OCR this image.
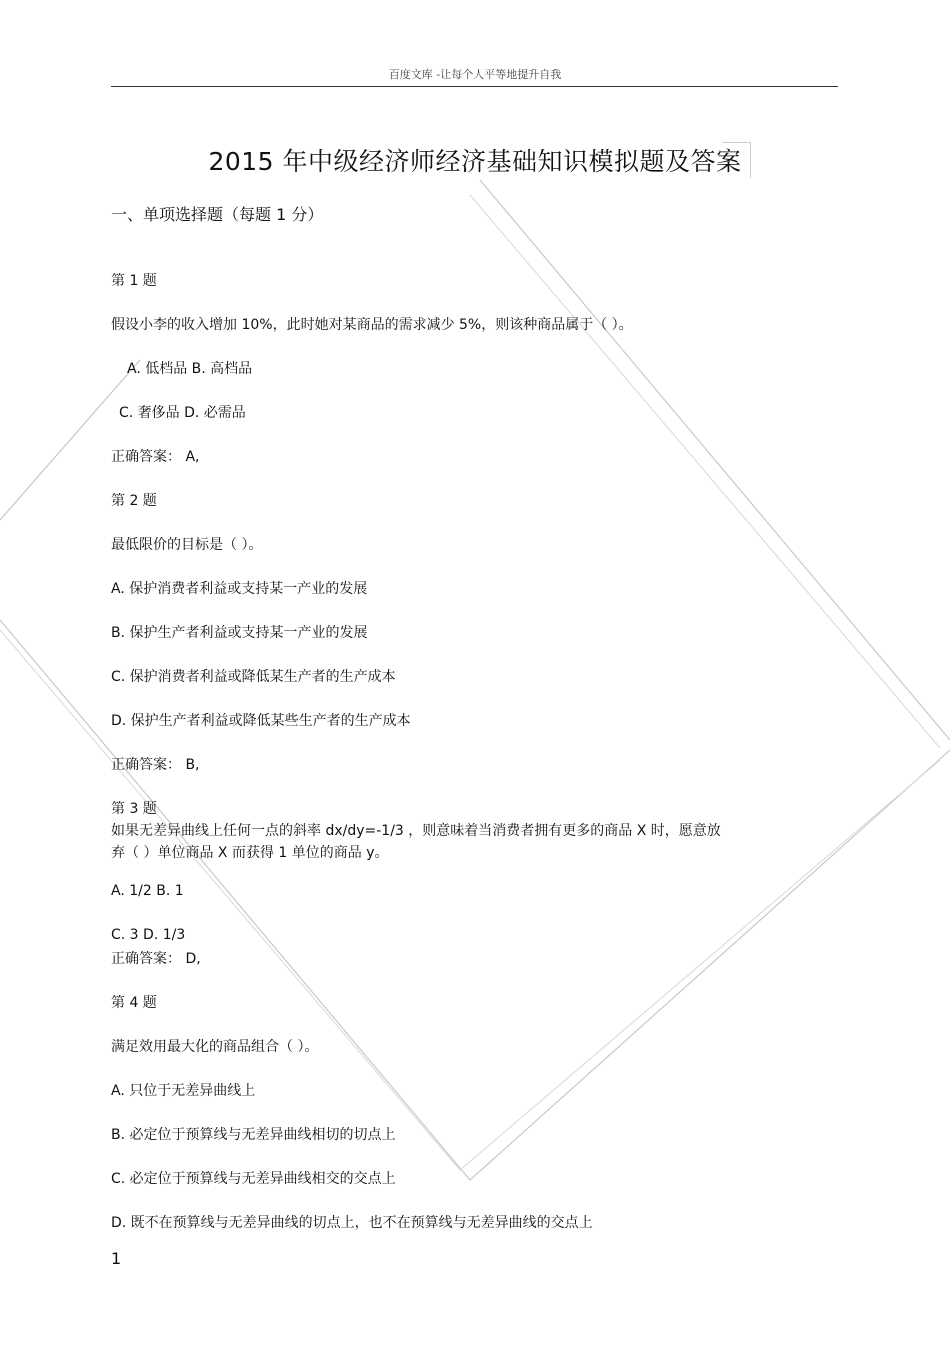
百度文库 -让每个人平等地提升自我
2015 年中级经济师经济基础知识模拟题及答案
一、单项选择题（每题 1 分）
第 1 题
假设小李的收入增加 10%，此时她对某商品的需求减少 5%，则该种商品属于（ ）。
A. 低档品 B. 高档品
C. 奢侈品 D. 必需品
正确答案： A,
第 2 题
最低限价的目标是（ ）。
A. 保护消费者利益或支持某一产业的发展
B. 保护生产者利益或支持某一产业的发展
C. 保护消费者利益或降低某生产者的生产成本
D. 保护生产者利益或降低某些生产者的生产成本
正确答案： B,
第 3 题
如果无差异曲线上任何一点的斜率 dx/dy=-1/3 ，则意味着当消费者拥有更多的商品 X 时，愿意放
弃（ ）单位商品 X 而获得 1 单位的商品 y。
A. 1/2 B. 1
C. 3 D. 1/3
正确答案： D,
第 4 题
满足效用最大化的商品组合（ ）。
A. 只位于无差异曲线上
B. 必定位于预算线与无差异曲线相切的切点上
C. 必定位于预算线与无差异曲线相交的交点上
D. 既不在预算线与无差异曲线的切点上，也不在预算线与无差异曲线的交点上
1
